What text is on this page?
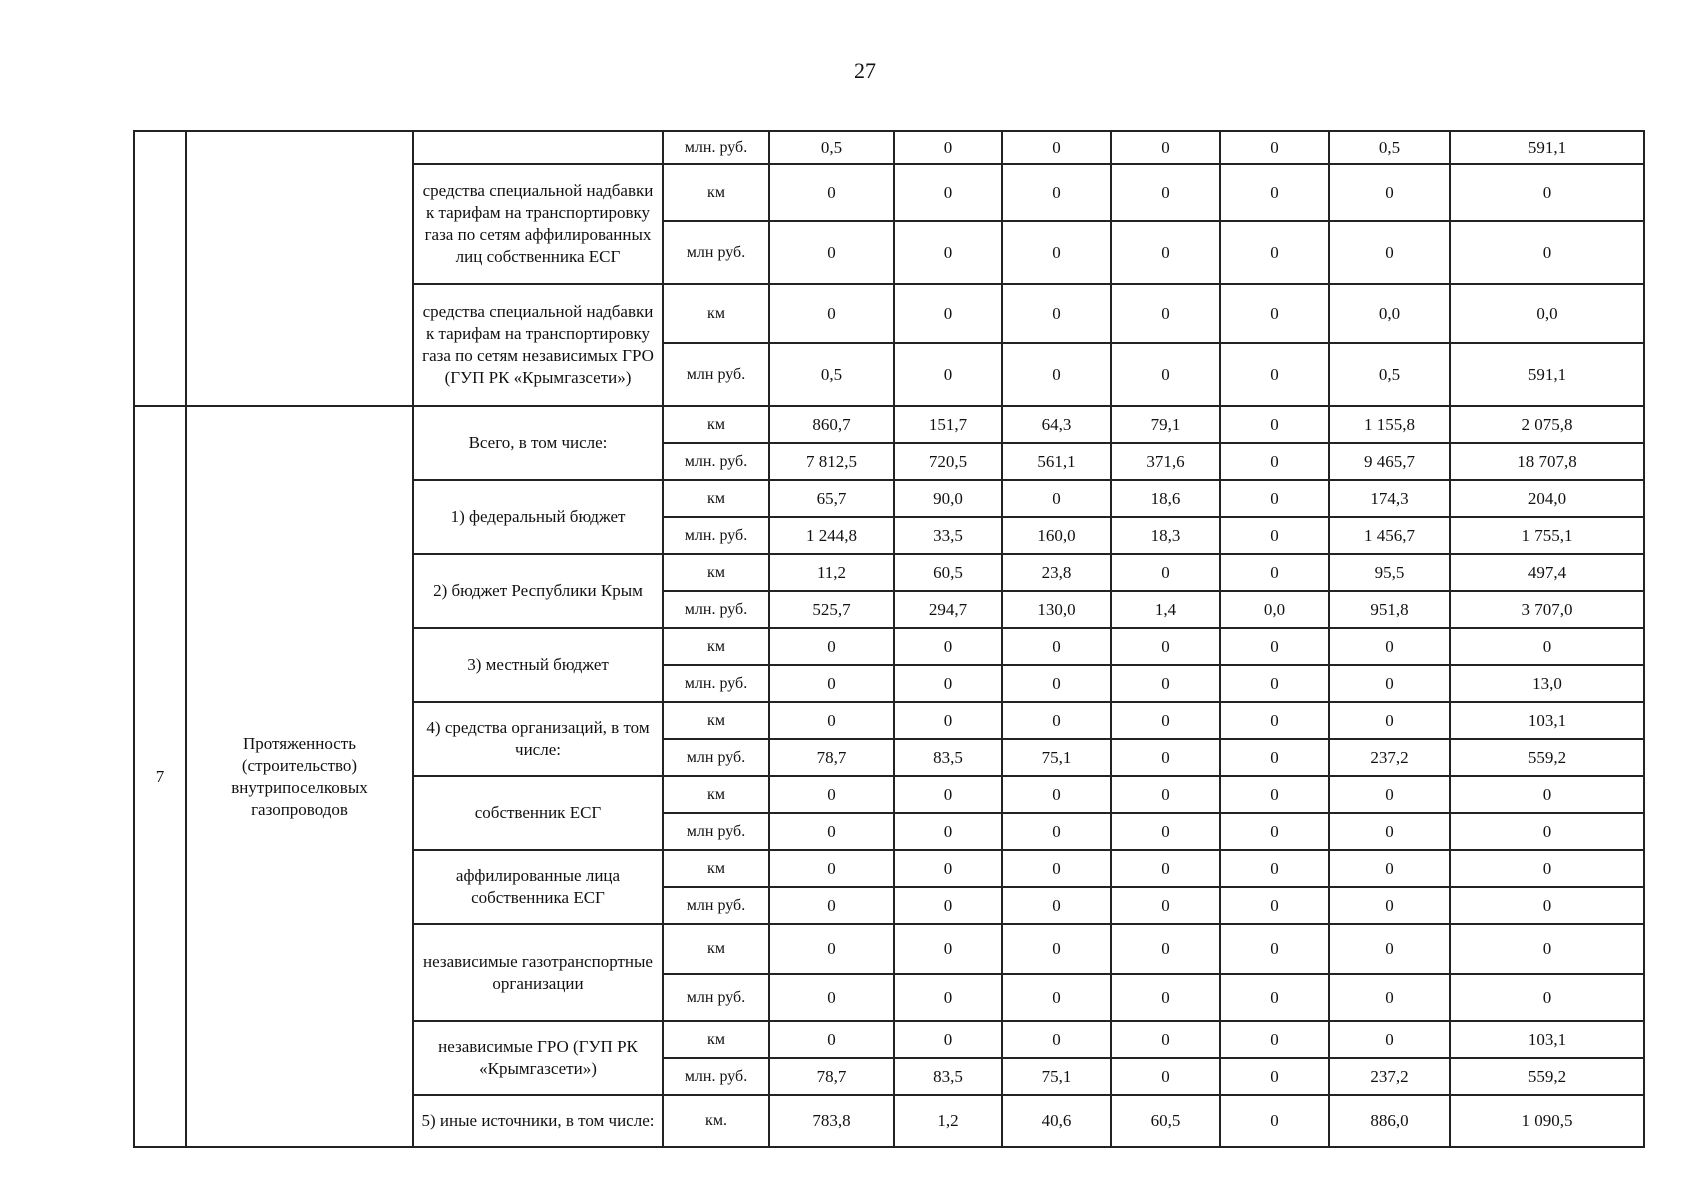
27
			млн. руб.	0,5	0	0	0	0	0,5	591,1
		средства специальной надбавки к тарифам на транспортировку газа по сетям аффилированных лиц собственника ЕСГ	км	0	0	0	0	0	0	0
			млн руб.	0	0	0	0	0	0	0
		средства специальной надбавки к тарифам на транспортировку газа по сетям независимых ГРО (ГУП РК «Крымгазсети»)	км	0	0	0	0	0	0,0	0,0
			млн руб.	0,5	0	0	0	0	0,5	591,1
7	Протяженность (строительство) внутрипоселковых газопроводов	Всего, в том числе:	км	860,7	151,7	64,3	79,1	0	1 155,8	2 075,8
			млн. руб.	7 812,5	720,5	561,1	371,6	0	9 465,7	18 707,8
		1) федеральный бюджет	км	65,7	90,0	0	18,6	0	174,3	204,0
			млн. руб.	1 244,8	33,5	160,0	18,3	0	1 456,7	1 755,1
		2) бюджет Республики Крым	км	11,2	60,5	23,8	0	0	95,5	497,4
			млн. руб.	525,7	294,7	130,0	1,4	0,0	951,8	3 707,0
		3) местный бюджет	км	0	0	0	0	0	0	0
			млн. руб.	0	0	0	0	0	0	13,0
		4) средства организаций, в том числе:	км	0	0	0	0	0	0	103,1
			млн руб.	78,7	83,5	75,1	0	0	237,2	559,2
		собственник ЕСГ	км	0	0	0	0	0	0	0
			млн руб.	0	0	0	0	0	0	0
		аффилированные лица собственника ЕСГ	км	0	0	0	0	0	0	0
			млн руб.	0	0	0	0	0	0	0
		независимые газотранспортные организации	км	0	0	0	0	0	0	0
			млн руб.	0	0	0	0	0	0	0
		независимые ГРО (ГУП РК «Крымгазсети»)	км	0	0	0	0	0	0	103,1
			млн. руб.	78,7	83,5	75,1	0	0	237,2	559,2
		5) иные источники, в том числе:	км.	783,8	1,2	40,6	60,5	0	886,0	1 090,5
